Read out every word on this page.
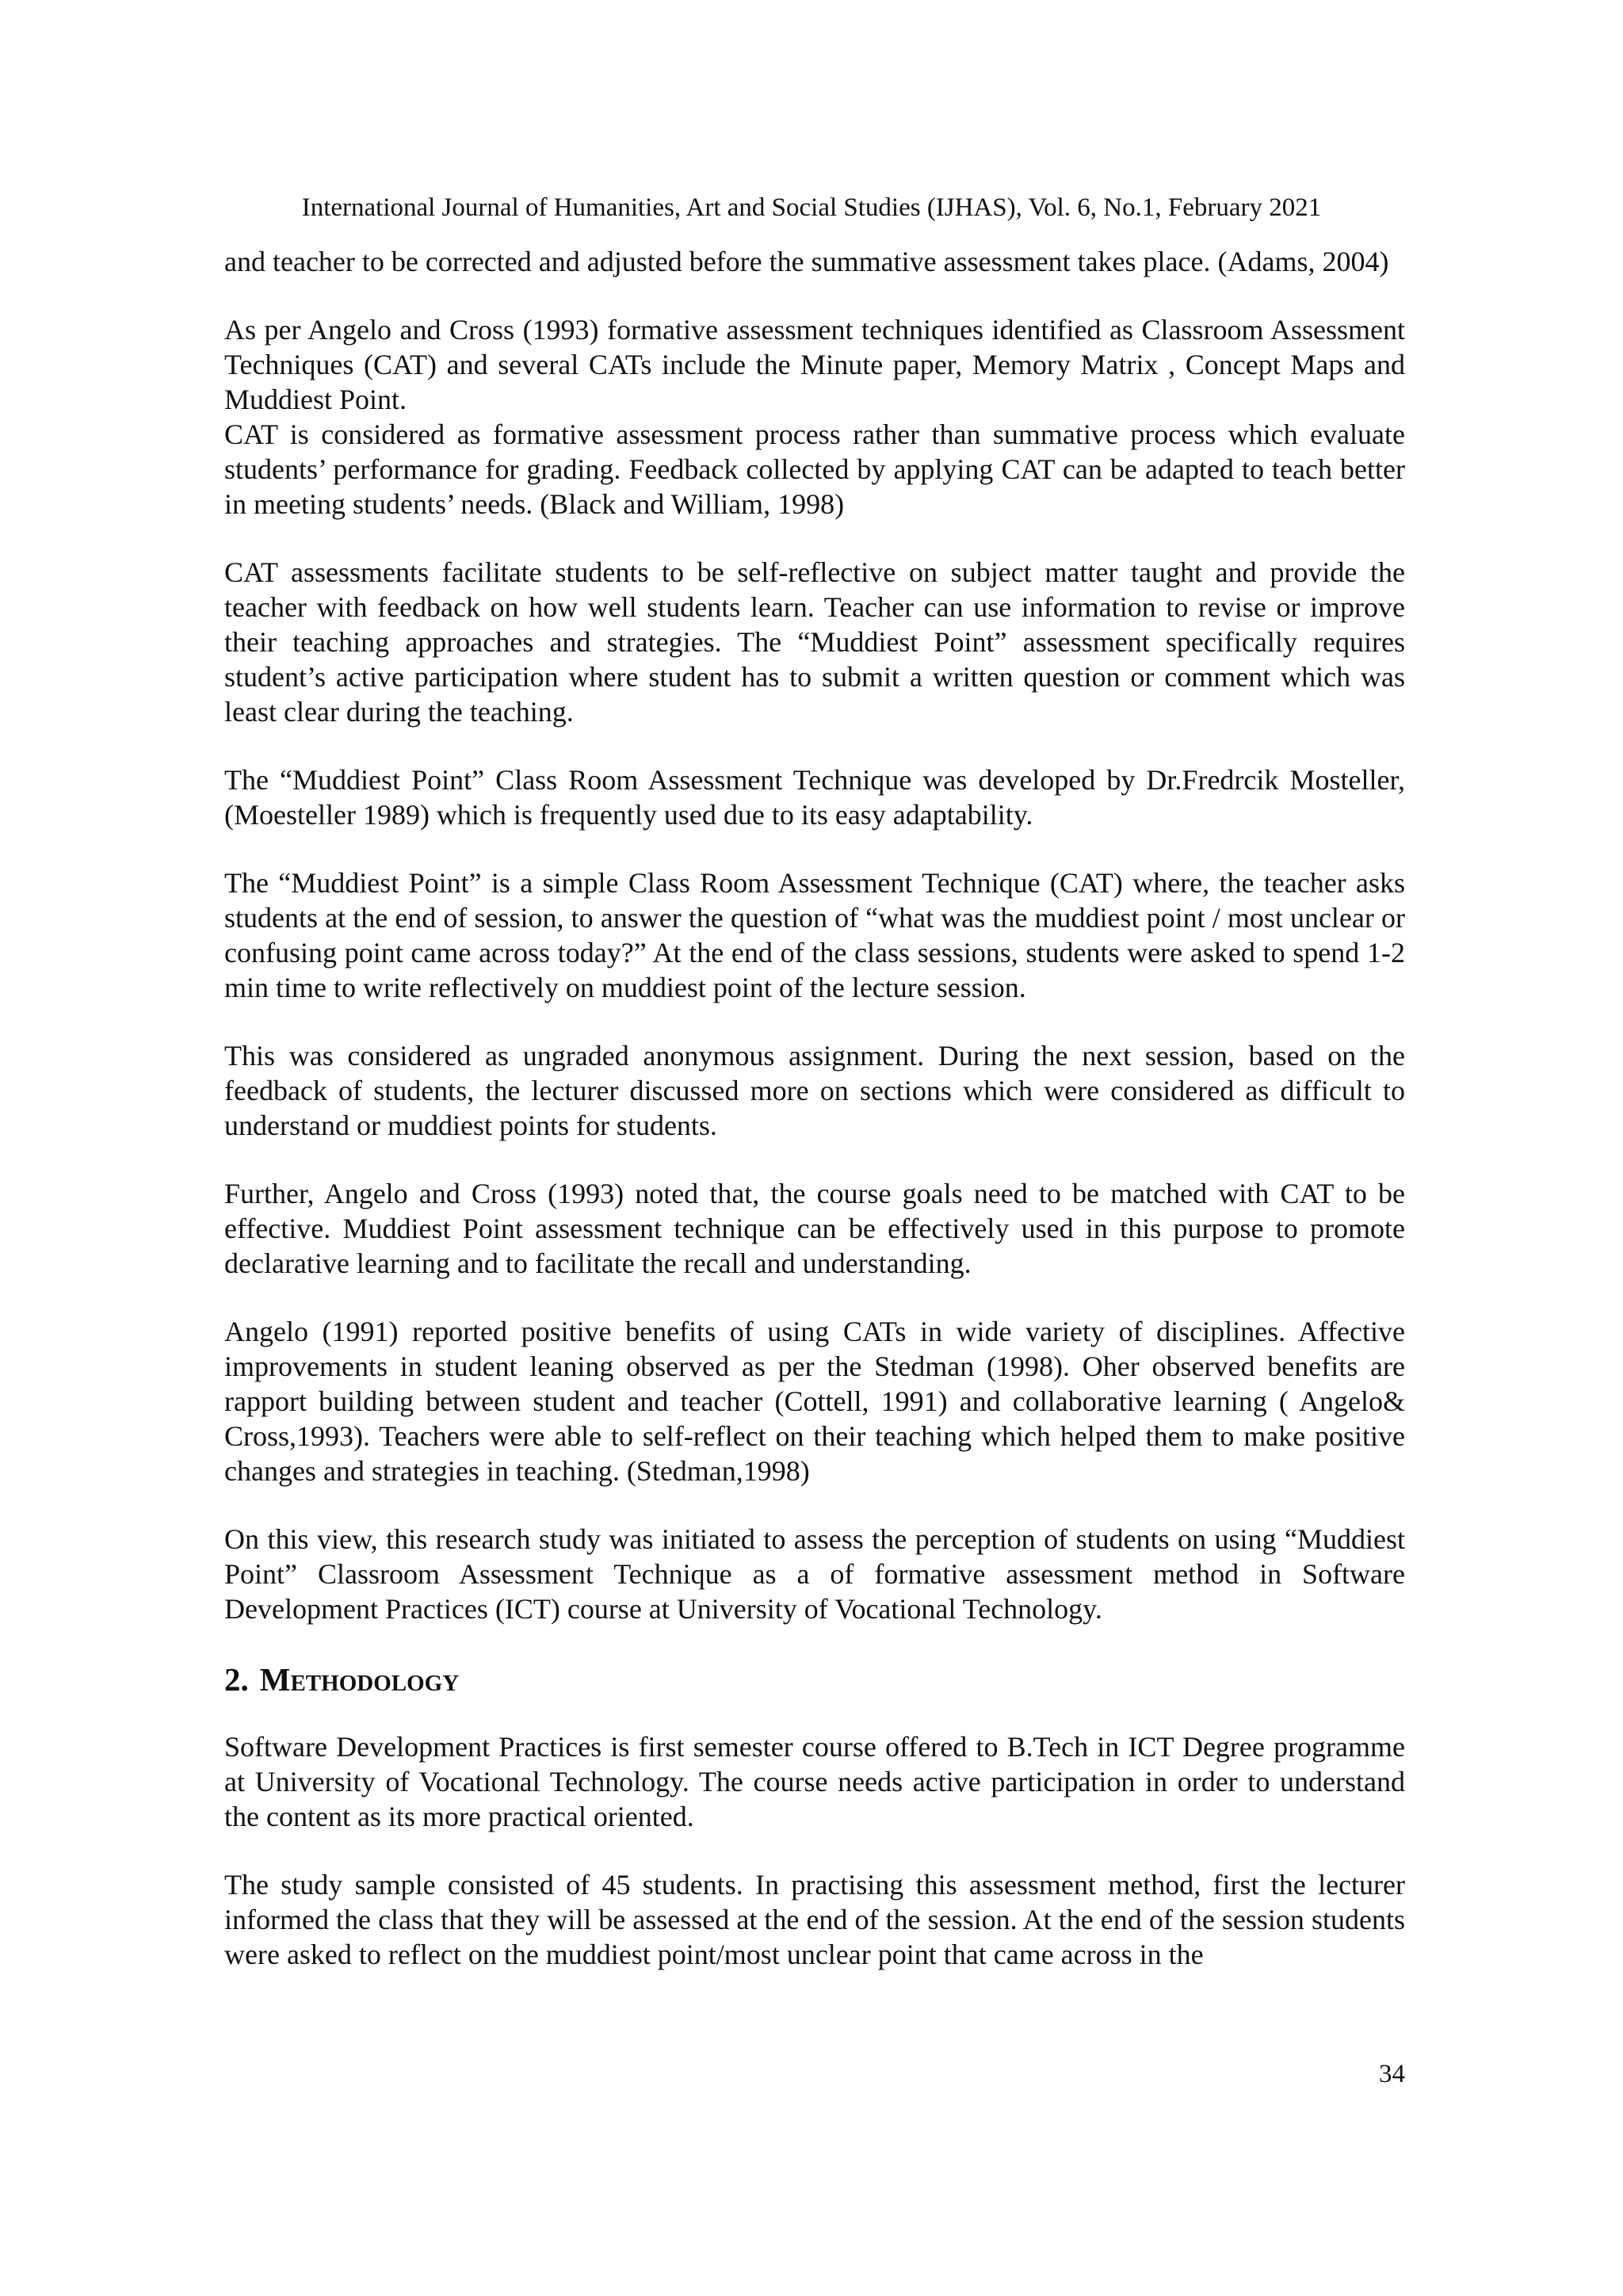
International Journal of Humanities, Art and Social Studies (IJHAS), Vol. 6, No.1, February 2021

and teacher to be corrected and adjusted before the summative assessment takes place. (Adams, 2004)

As per Angelo and Cross (1993) formative assessment techniques identified as Classroom Assessment Techniques (CAT) and several CATs include the Minute paper, Memory Matrix , Concept Maps and Muddiest Point.

CAT is considered as formative assessment process rather than summative process which evaluate students’ performance for grading. Feedback collected by applying CAT can be adapted to teach better in meeting students’ needs. (Black and William, 1998)

CAT assessments facilitate students to be self-reflective on subject matter taught and provide the teacher with feedback on how well students learn. Teacher can use information to revise or improve their teaching approaches and strategies. The “Muddiest Point” assessment specifically requires student’s active participation where student has to submit a written question or comment which was least clear during the teaching.

The “Muddiest Point” Class Room Assessment Technique was developed by Dr.Fredrcik Mosteller, (Moesteller 1989) which is frequently used due to its easy adaptability.

The “Muddiest Point” is a simple Class Room Assessment Technique (CAT) where, the teacher asks students at the end of session, to answer the question of “what was the muddiest point / most unclear or confusing point came across today?” At the end of the class sessions, students were asked to spend 1-2 min time to write reflectively on muddiest point of the lecture session.

This was considered as ungraded anonymous assignment. During the next session, based on the feedback of students, the lecturer discussed more on sections which were considered as difficult to understand or muddiest points for students.

Further, Angelo and Cross (1993) noted that, the course goals need to be matched with CAT to be effective. Muddiest Point assessment technique can be effectively used in this purpose to promote declarative learning and to facilitate the recall and understanding.

Angelo (1991) reported positive benefits of using CATs in wide variety of disciplines. Affective improvements in student leaning observed as per the Stedman (1998). Oher observed benefits are rapport building between student and teacher (Cottell, 1991) and collaborative learning ( Angelo& Cross,1993). Teachers were able to self-reflect on their teaching which helped them to make positive changes and strategies in teaching. (Stedman,1998)

On this view, this research study was initiated to assess the perception of students on using “Muddiest Point” Classroom Assessment Technique as a of formative assessment method in Software Development Practices (ICT) course at University of Vocational Technology.

2. Methodology

Software Development Practices is first semester course offered to B.Tech in ICT Degree programme at University of Vocational Technology. The course needs active participation in order to understand the content as its more practical oriented.

The study sample consisted of 45 students. In practising this assessment method, first the lecturer informed the class that they will be assessed at the end of the session. At the end of the session students were asked to reflect on the muddiest point/most unclear point that came across in the

34
